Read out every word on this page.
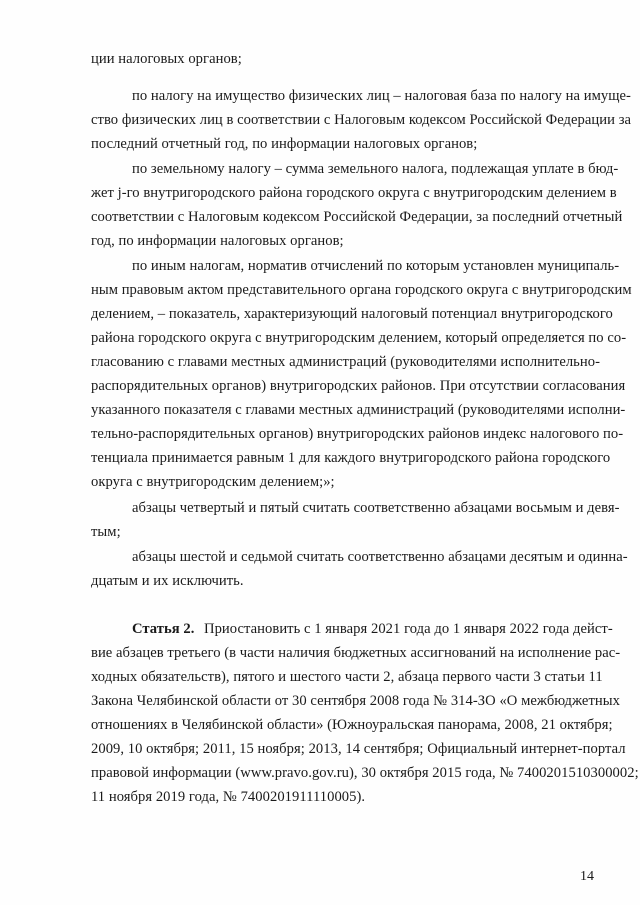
ции налоговых органов;
по налогу на имущество физических лиц – налоговая база по налогу на имуще-
ство физических лиц в соответствии с Налоговым кодексом Российской Федерации за
последний отчетный год, по информации налоговых органов;
по земельному налогу – сумма земельного налога, подлежащая уплате в бюд-
жет j-го внутригородского района городского округа с внутригородским делением в
соответствии с Налоговым кодексом Российской Федерации, за последний отчетный
год, по информации налоговых органов;
по иным налогам, норматив отчислений по которым установлен муниципаль-
ным правовым актом представительного органа городского округа с внутригородским
делением, – показатель, характеризующий налоговый потенциал внутригородского
района городского округа с внутригородским делением, который определяется по со-
гласованию с главами местных администраций (руководителями исполнительно-
распорядительных органов) внутригородских районов. При отсутствии согласования
указанного показателя с главами местных администраций (руководителями исполни-
тельно-распорядительных органов) внутригородских районов индекс налогового по-
тенциала принимается равным 1 для каждого внутригородского района городского
округа с внутригородским делением;»;
абзацы четвертый и пятый считать соответственно абзацами восьмым и девя-
тым;
абзацы шестой и седьмой считать соответственно абзацами десятым и одинна-
дцатым и их исключить.
Статья 2. Приостановить с 1 января 2021 года до 1 января 2022 года дейст-
вие абзацев третьего (в части наличия бюджетных ассигнований на исполнение рас-
ходных обязательств), пятого и шестого части 2, абзаца первого части 3 статьи 11
Закона Челябинской области от 30 сентября 2008 года № 314-ЗО «О межбюджетных
отношениях в Челябинской области» (Южноуральская панорама, 2008, 21 октября;
2009, 10 октября; 2011, 15 ноября; 2013, 14 сентября; Официальный интернет-портал
правовой информации (www.pravo.gov.ru), 30 октября 2015 года, № 7400201510300002;
11 ноября 2019 года, № 7400201911110005).
14
